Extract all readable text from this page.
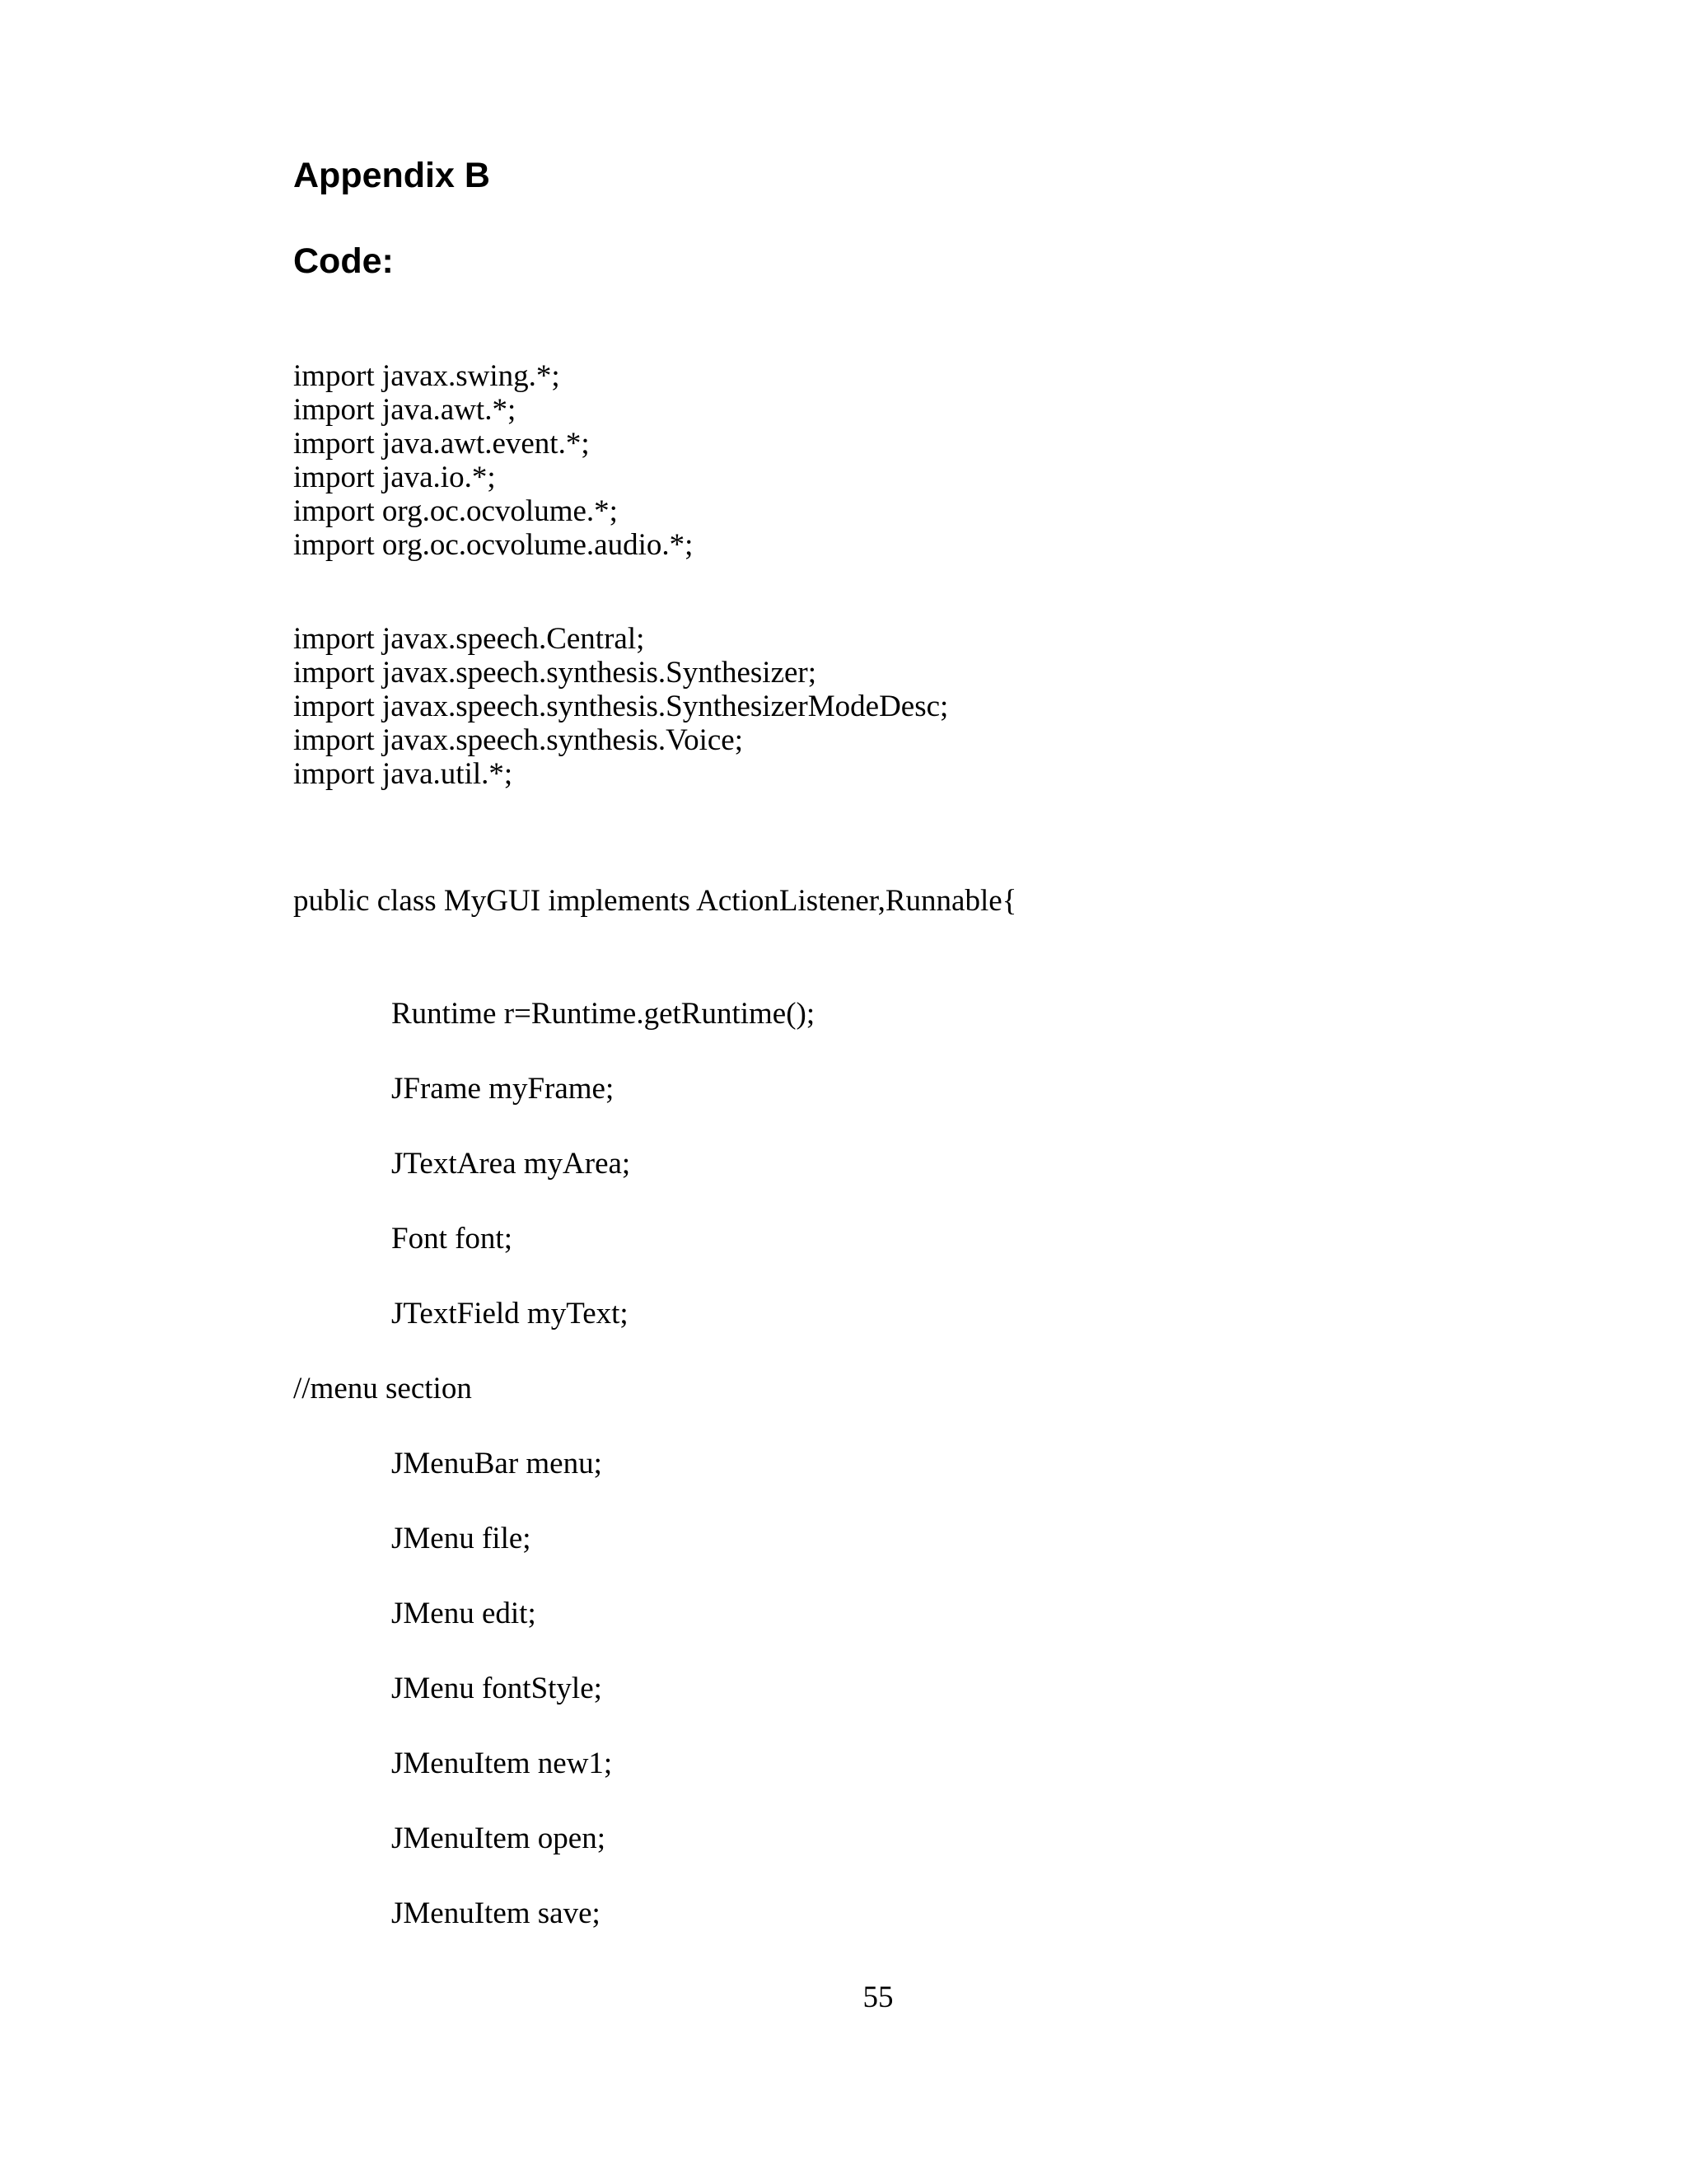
Appendix B
Code:
import javax.swing.*;
import java.awt.*;
import java.awt.event.*;
import java.io.*;
import org.oc.ocvolume.*;
import org.oc.ocvolume.audio.*;
import javax.speech.Central;
import javax.speech.synthesis.Synthesizer;
import javax.speech.synthesis.SynthesizerModeDesc;
import javax.speech.synthesis.Voice;
import java.util.*;
public class MyGUI implements ActionListener,Runnable{
Runtime r=Runtime.getRuntime();
JFrame myFrame;
JTextArea myArea;
Font font;
JTextField myText;
//menu section
JMenuBar menu;
JMenu file;
JMenu edit;
JMenu fontStyle;
JMenuItem new1;
JMenuItem open;
JMenuItem save;
55
